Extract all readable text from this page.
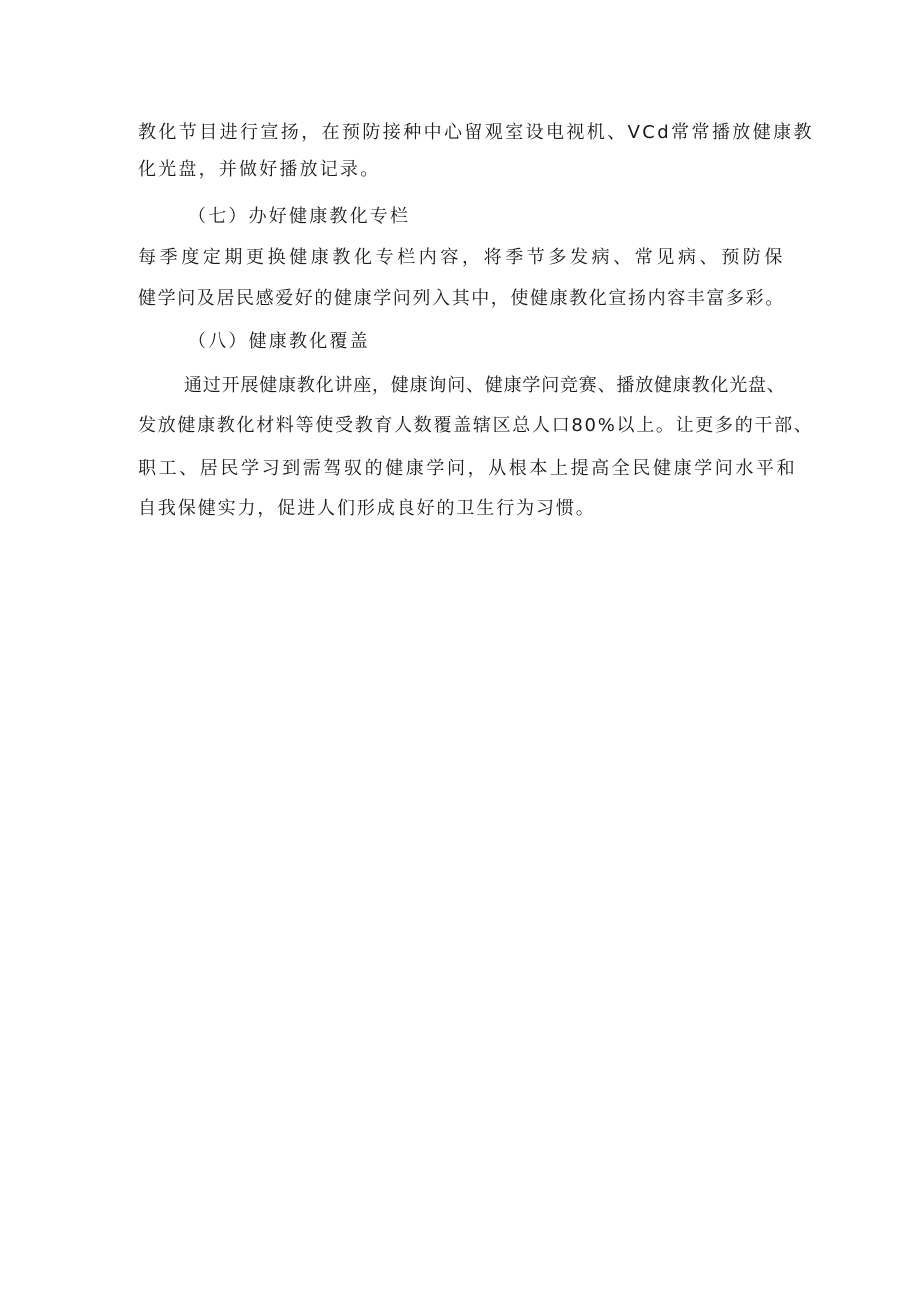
教化节目进行宣扬，在预防接种中心留观室设电视机、VCd常常播放健康教
化光盘，并做好播放记录。
（七）办好健康教化专栏
每季度定期更换健康教化专栏内容，将季节多发病、常见病、预防保
健学问及居民感爱好的健康学问列入其中，使健康教化宣扬内容丰富多彩。
（八）健康教化覆盖
通过开展健康教化讲座，健康询问、健康学问竞赛、播放健康教化光盘、
发放健康教化材料等使受教育人数覆盖辖区总人口80%以上。让更多的干部、
职工、居民学习到需驾驭的健康学问，从根本上提高全民健康学问水平和
自我保健实力，促进人们形成良好的卫生行为习惯。
